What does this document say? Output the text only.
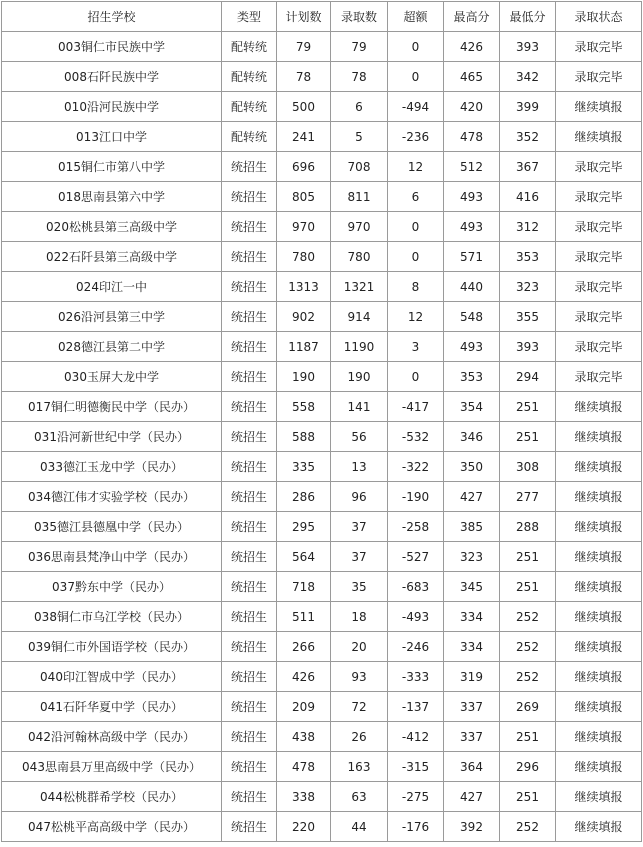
招生学校	类型	计划数	录取数	超额	最高分	最低分	录取状态
003铜仁市民族中学	配转统	79	79	0	426	393	录取完毕
008石阡民族中学	配转统	78	78	0	465	342	录取完毕
010沿河民族中学	配转统	500	6	-494	420	399	继续填报
013江口中学	配转统	241	5	-236	478	352	继续填报
015铜仁市第八中学	统招生	696	708	12	512	367	录取完毕
018思南县第六中学	统招生	805	811	6	493	416	录取完毕
020松桃县第三高级中学	统招生	970	970	0	493	312	录取完毕
022石阡县第三高级中学	统招生	780	780	0	571	353	录取完毕
024印江一中	统招生	1313	1321	8	440	323	录取完毕
026沿河县第三中学	统招生	902	914	12	548	355	录取完毕
028德江县第二中学	统招生	1187	1190	3	493	393	录取完毕
030玉屏大龙中学	统招生	190	190	0	353	294	录取完毕
017铜仁明德衡民中学（民办）	统招生	558	141	-417	354	251	继续填报
031沿河新世纪中学（民办）	统招生	588	56	-532	346	251	继续填报
033德江玉龙中学（民办）	统招生	335	13	-322	350	308	继续填报
034德江伟才实验学校（民办）	统招生	286	96	-190	427	277	继续填报
035德江县德凰中学（民办）	统招生	295	37	-258	385	288	继续填报
036思南县梵净山中学（民办）	统招生	564	37	-527	323	251	继续填报
037黔东中学（民办）	统招生	718	35	-683	345	251	继续填报
038铜仁市乌江学校（民办）	统招生	511	18	-493	334	252	继续填报
039铜仁市外国语学校（民办）	统招生	266	20	-246	334	252	继续填报
040印江智成中学（民办）	统招生	426	93	-333	319	252	继续填报
041石阡华夏中学（民办）	统招生	209	72	-137	337	269	继续填报
042沿河翰林高级中学（民办）	统招生	438	26	-412	337	251	继续填报
043思南县万里高级中学（民办）	统招生	478	163	-315	364	296	继续填报
044松桃群希学校（民办）	统招生	338	63	-275	427	251	继续填报
047松桃平高高级中学（民办）	统招生	220	44	-176	392	252	继续填报
